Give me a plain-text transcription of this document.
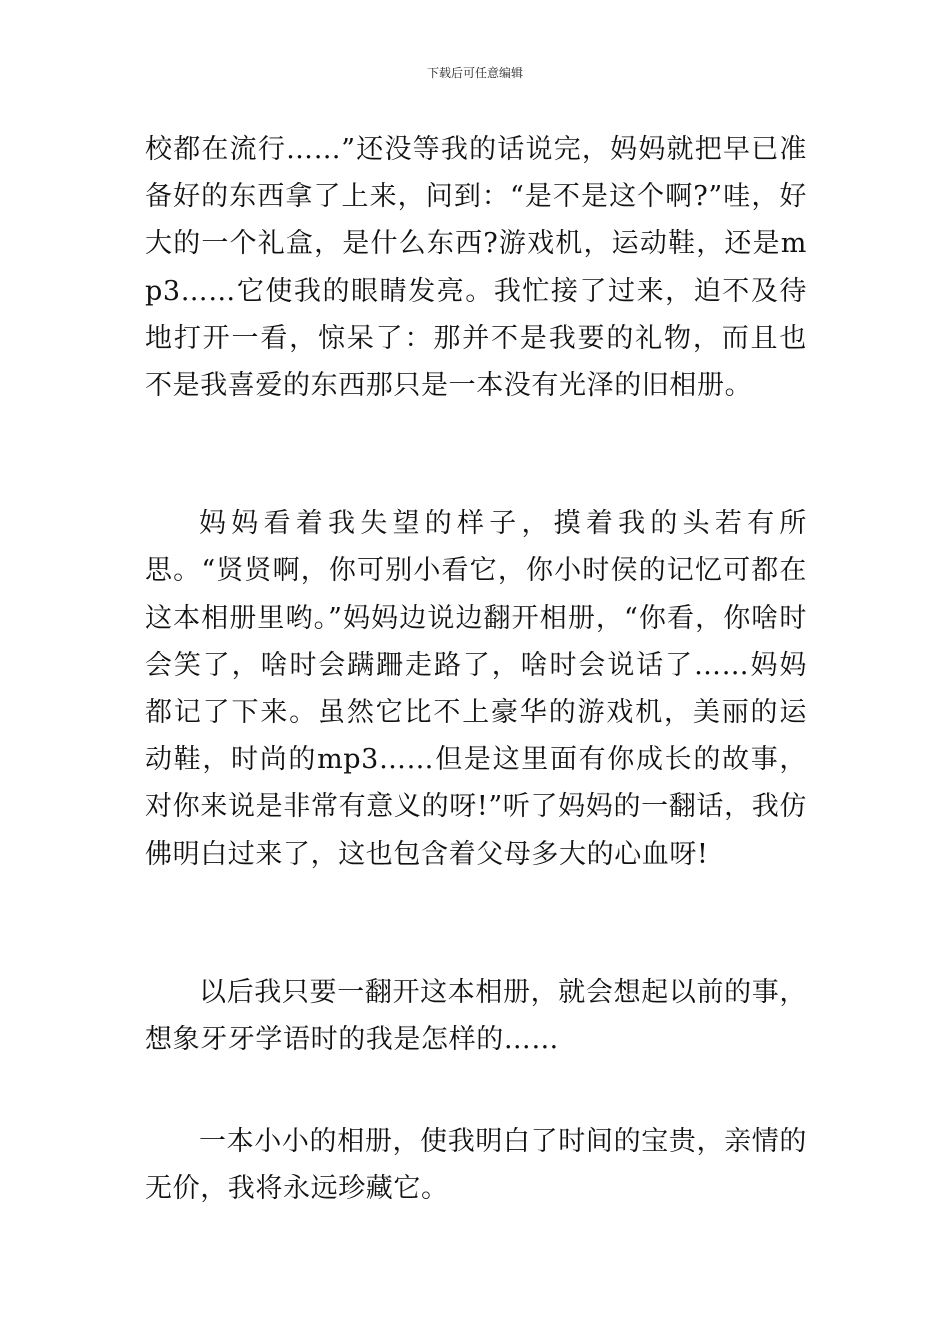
下载后可任意编辑

校都在流行……”还没等我的话说完，妈妈就把早已准备好的东西拿了上来，问到：“是不是这个啊?”哇，好大的一个礼盒，是什么东西?游戏机，运动鞋，还是mp3……它使我的眼睛发亮。我忙接了过来，迫不及待地打开一看，惊呆了：那并不是我要的礼物，而且也不是我喜爱的东西那只是一本没有光泽的旧相册。

妈妈看着我失望的样子，摸着我的头若有所思。“贤贤啊，你可别小看它，你小时侯的记忆可都在这本相册里哟。”妈妈边说边翻开相册，“你看，你啥时会笑了，啥时会蹒跚走路了，啥时会说话了……妈妈都记了下来。虽然它比不上豪华的游戏机，美丽的运动鞋，时尚的mp3……但是这里面有你成长的故事，对你来说是非常有意义的呀!”听了妈妈的一翻话，我仿佛明白过来了，这也包含着父母多大的心血呀!

以后我只要一翻开这本相册，就会想起以前的事，想象牙牙学语时的我是怎样的……

一本小小的相册，使我明白了时间的宝贵，亲情的无价，我将永远珍藏它。
